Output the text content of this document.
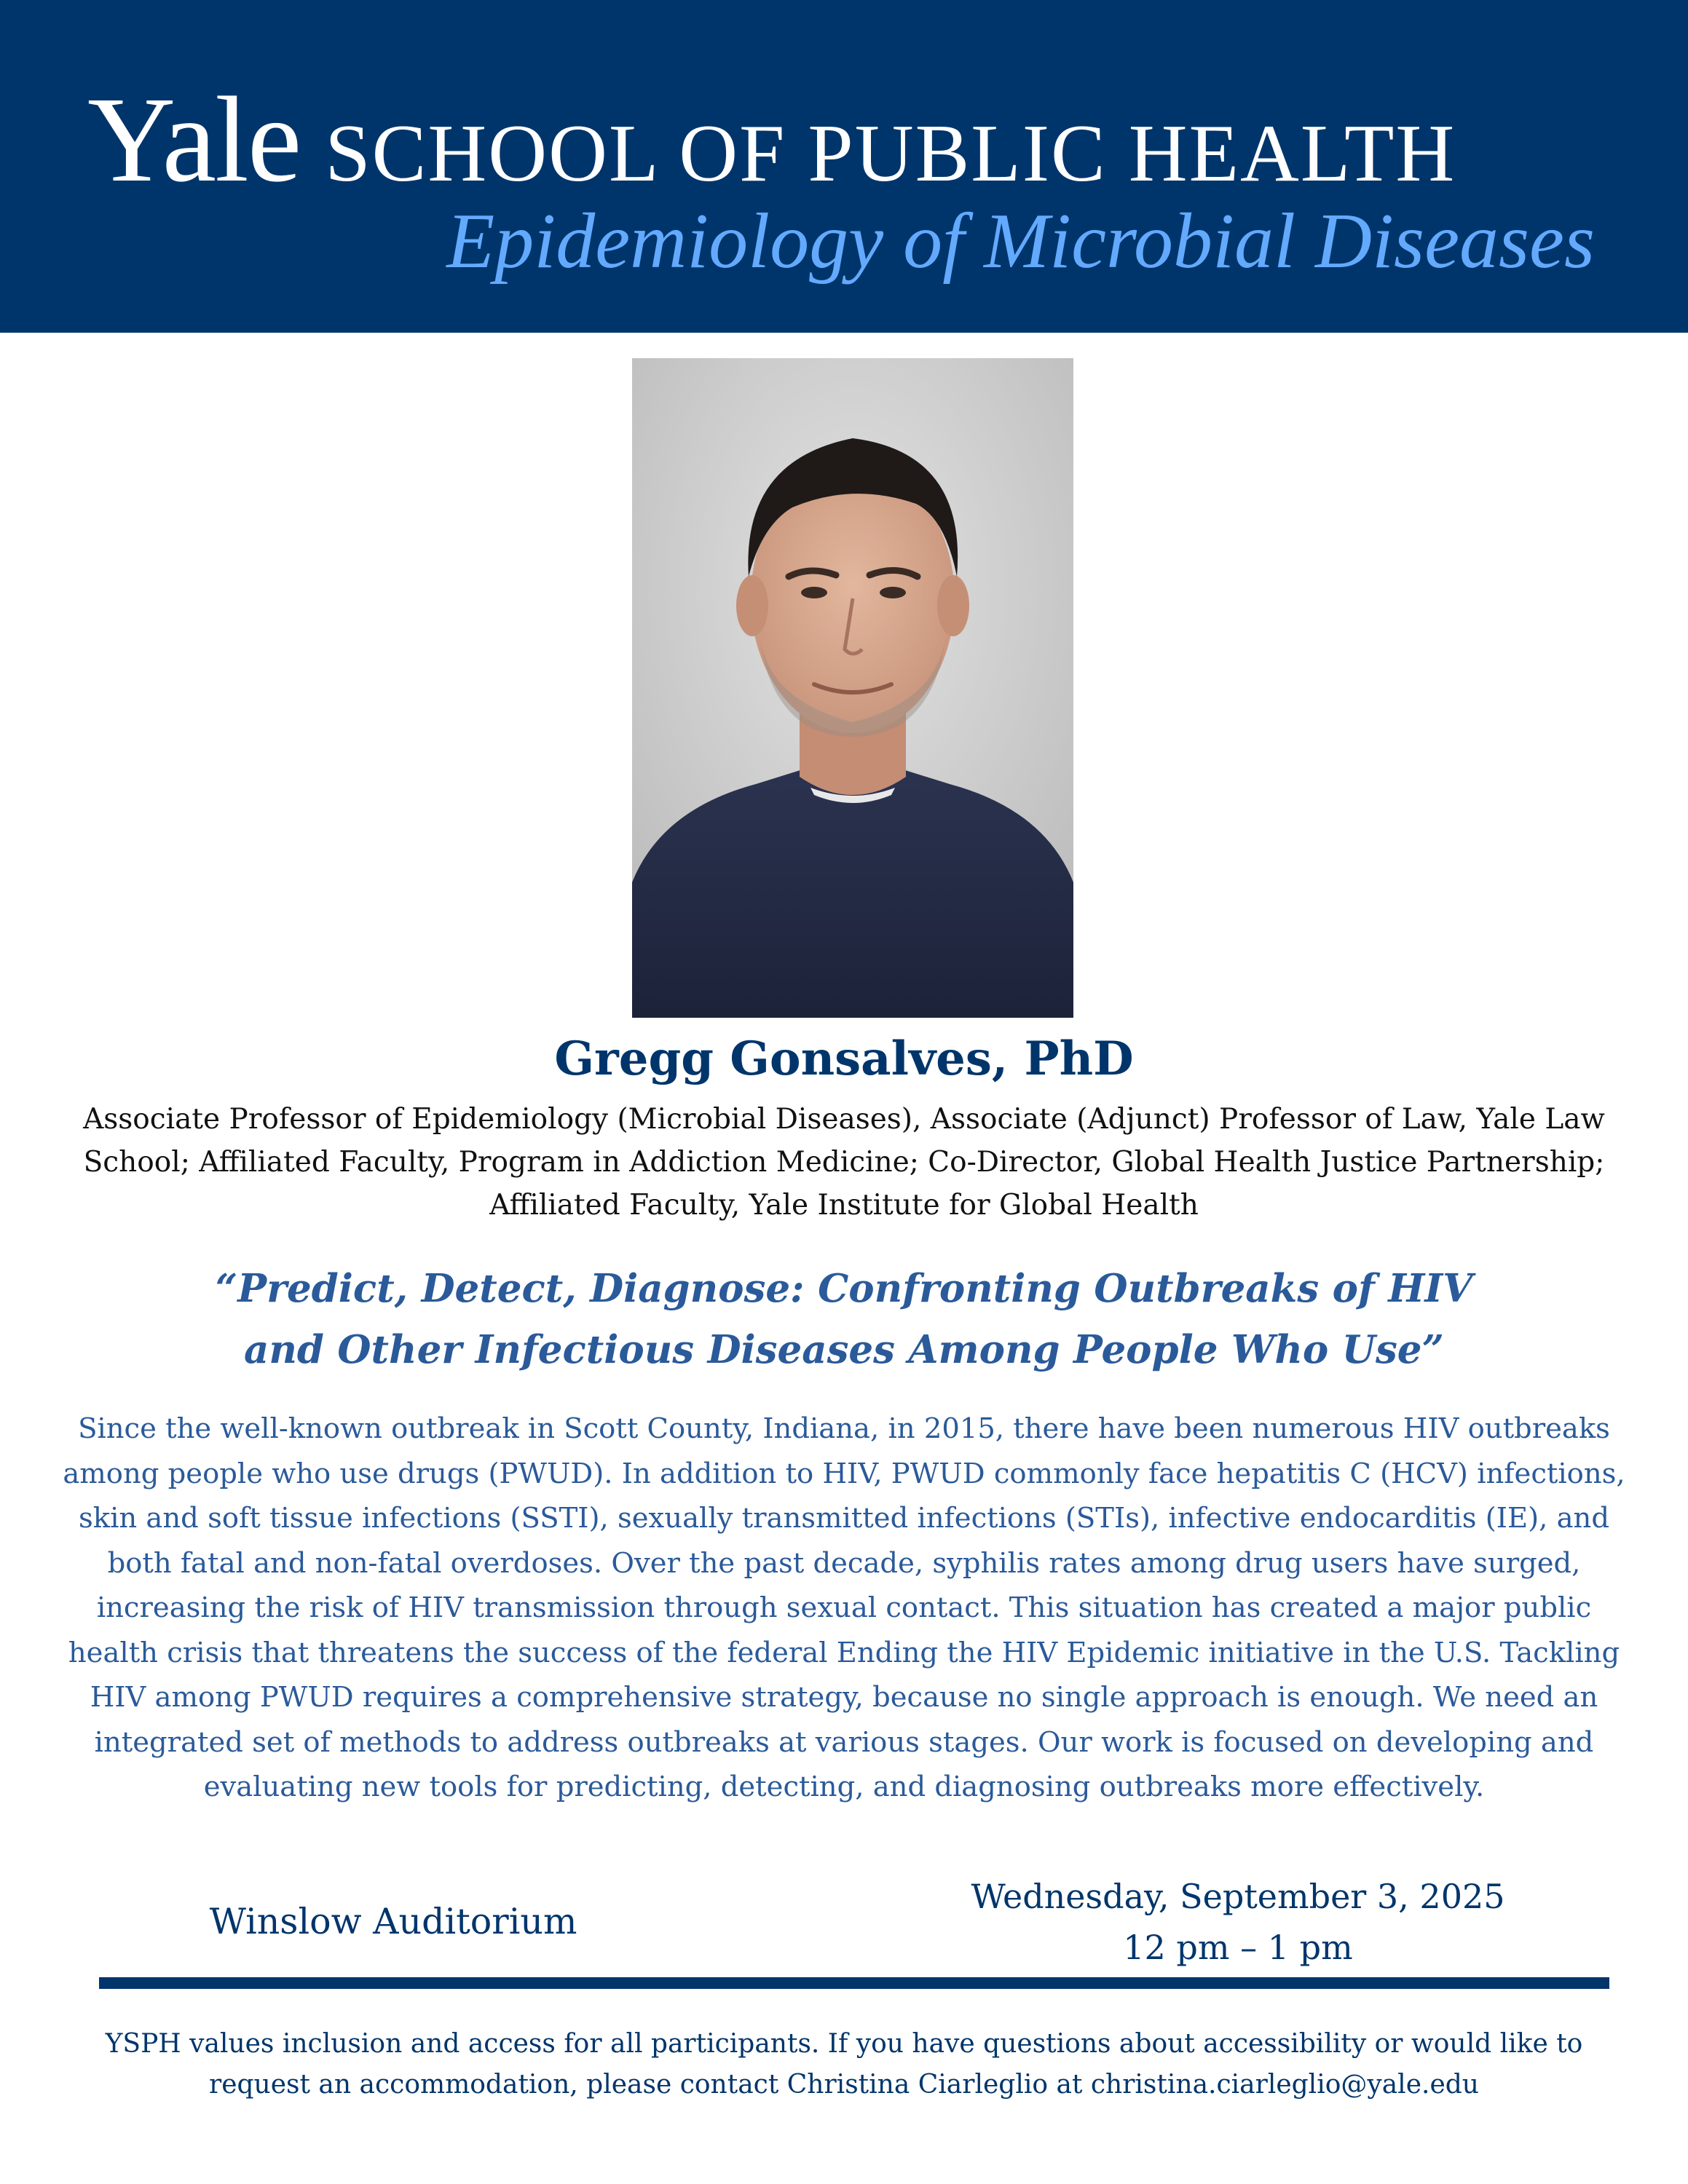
Yale SCHOOL OF PUBLIC HEALTH
Epidemiology of Microbial Diseases
Gregg Gonsalves, PhD
Associate Professor of Epidemiology (Microbial Diseases), Associate (Adjunct) Professor of Law, Yale Law School; Affiliated Faculty, Program in Addiction Medicine; Co-Director, Global Health Justice Partnership; Affiliated Faculty, Yale Institute for Global Health
“Predict, Detect, Diagnose: Confronting Outbreaks of HIV
and Other Infectious Diseases Among People Who Use”
Since the well-known outbreak in Scott County, Indiana, in 2015, there have been numerous HIV outbreaks among people who use drugs (PWUD). In addition to HIV, PWUD commonly face hepatitis C (HCV) infections, skin and soft tissue infections (SSTI), sexually transmitted infections (STIs), infective endocarditis (IE), and both fatal and non-fatal overdoses. Over the past decade, syphilis rates among drug users have surged, increasing the risk of HIV transmission through sexual contact. This situation has created a major public health crisis that threatens the success of the federal Ending the HIV Epidemic initiative in the U.S. Tackling HIV among PWUD requires a comprehensive strategy, because no single approach is enough. We need an integrated set of methods to address outbreaks at various stages. Our work is focused on developing and evaluating new tools for predicting, detecting, and diagnosing outbreaks more effectively.
Winslow Auditorium
Wednesday, September 3, 2025
12 pm – 1 pm
YSPH values inclusion and access for all participants. If you have questions about accessibility or would like to request an accommodation, please contact Christina Ciarleglio at christina.ciarleglio@yale.edu
